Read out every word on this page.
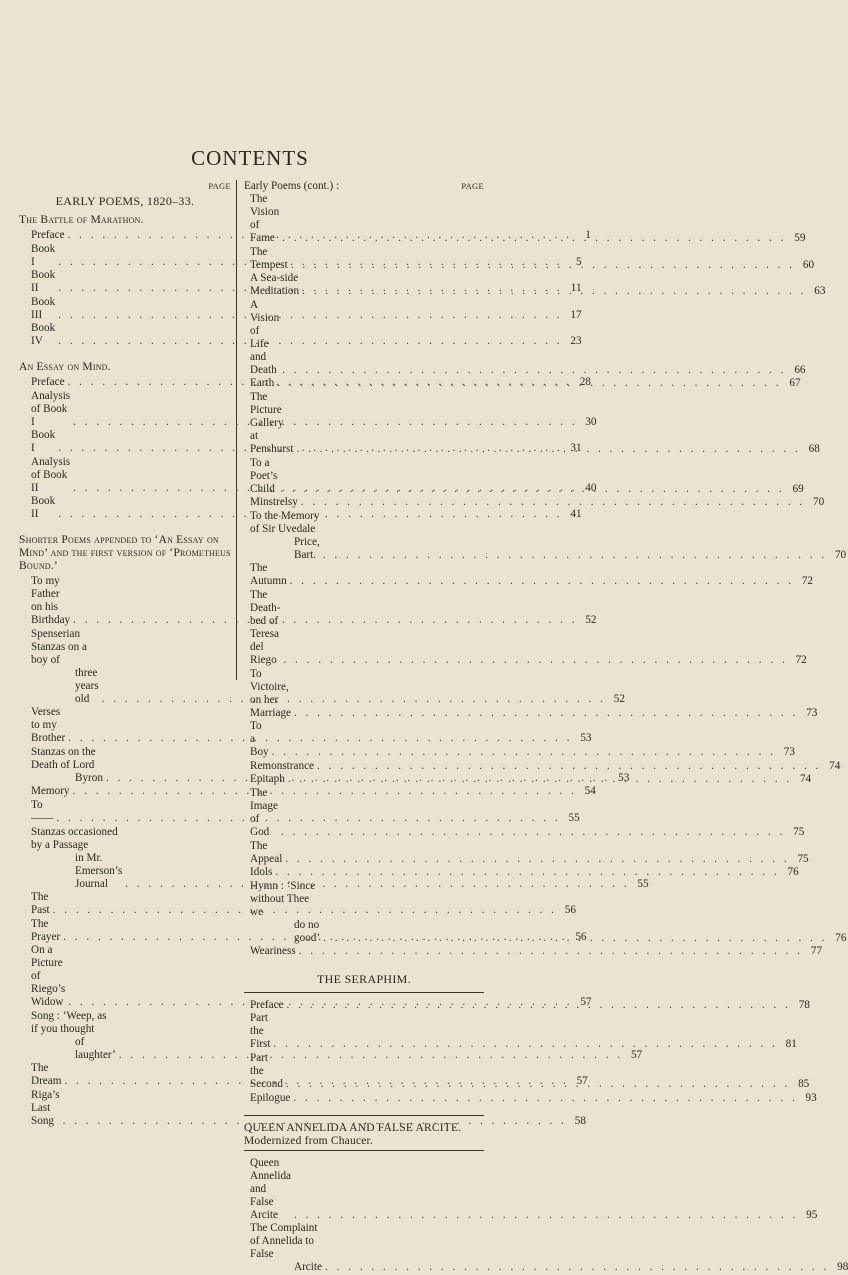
CONTENTS
PAGE
EARLY POEMS, 1820–33.
The Battle of Marathon.
Preface . . .	1
Book I . . .	5
Book II . . .	11
Book III . . .	17
Book IV . . .	23
An Essay on Mind.
Preface . . .	28
Analysis of Book I . . .	30
Book I . . .	31
Analysis of Book II . . .	40
Book II . . .	41
Shorter Poems appended to ‘An Essay on Mind’ and the first version of ‘Prometheus Bound.’
To my Father on his Birthday . . .	52
Spenserian Stanzas on a boy of
three years old . . .	52
Verses to my Brother . . .	53
Stanzas on the Death of Lord
Byron . . .	53
Memory . . .	54
To —— . . .	55
Stanzas occasioned by a Passage
in Mr. Emerson’s Journal . . .	55
The Past . . .	56
The Prayer . . .	56
On a Picture of Riego’s Widow . . .	57
Song : ‘Weep, as if you thought
of laughter’ . . .	57
The Dream . . .	57
Riga’s Last Song . . .	58
Early Poems (cont.) :	PAGE
The Vision of Fame . . .	59
The Tempest . . .	60
A Sea-side Meditation . . .	63
A Vision of Life and Death . . .	66
Earth . . .	67
The Picture Gallery at Penshurst . . .	68
To a Poet’s Child . . .	69
Minstrelsy . . .	70
To the Memory of Sir Uvedale
Price, Bart. . . .	70
The Autumn . . .	72
The Death-bed of Teresa del Riego . . .	72
To Victoire, on her Marriage . . .	73
To a Boy . . .	73
Remonstrance . . .	74
Epitaph . . .	74
The Image of God . . .	75
The Appeal . . .	75
Idols . . .	76
Hymn : ‘Since without Thee we
do no good’ . . .	76
Weariness . . .	77
THE SERAPHIM.
Preface . . .	78
Part the First . . .	81
Part the Second . . .	85
Epilogue . . .	93
QUEEN ANNELIDA AND FALSE ARCITE. Modernized from Chaucer.
Queen Annelida and False Arcite . . .	95
The Complaint of Annelida to False
Arcite . . .	98
